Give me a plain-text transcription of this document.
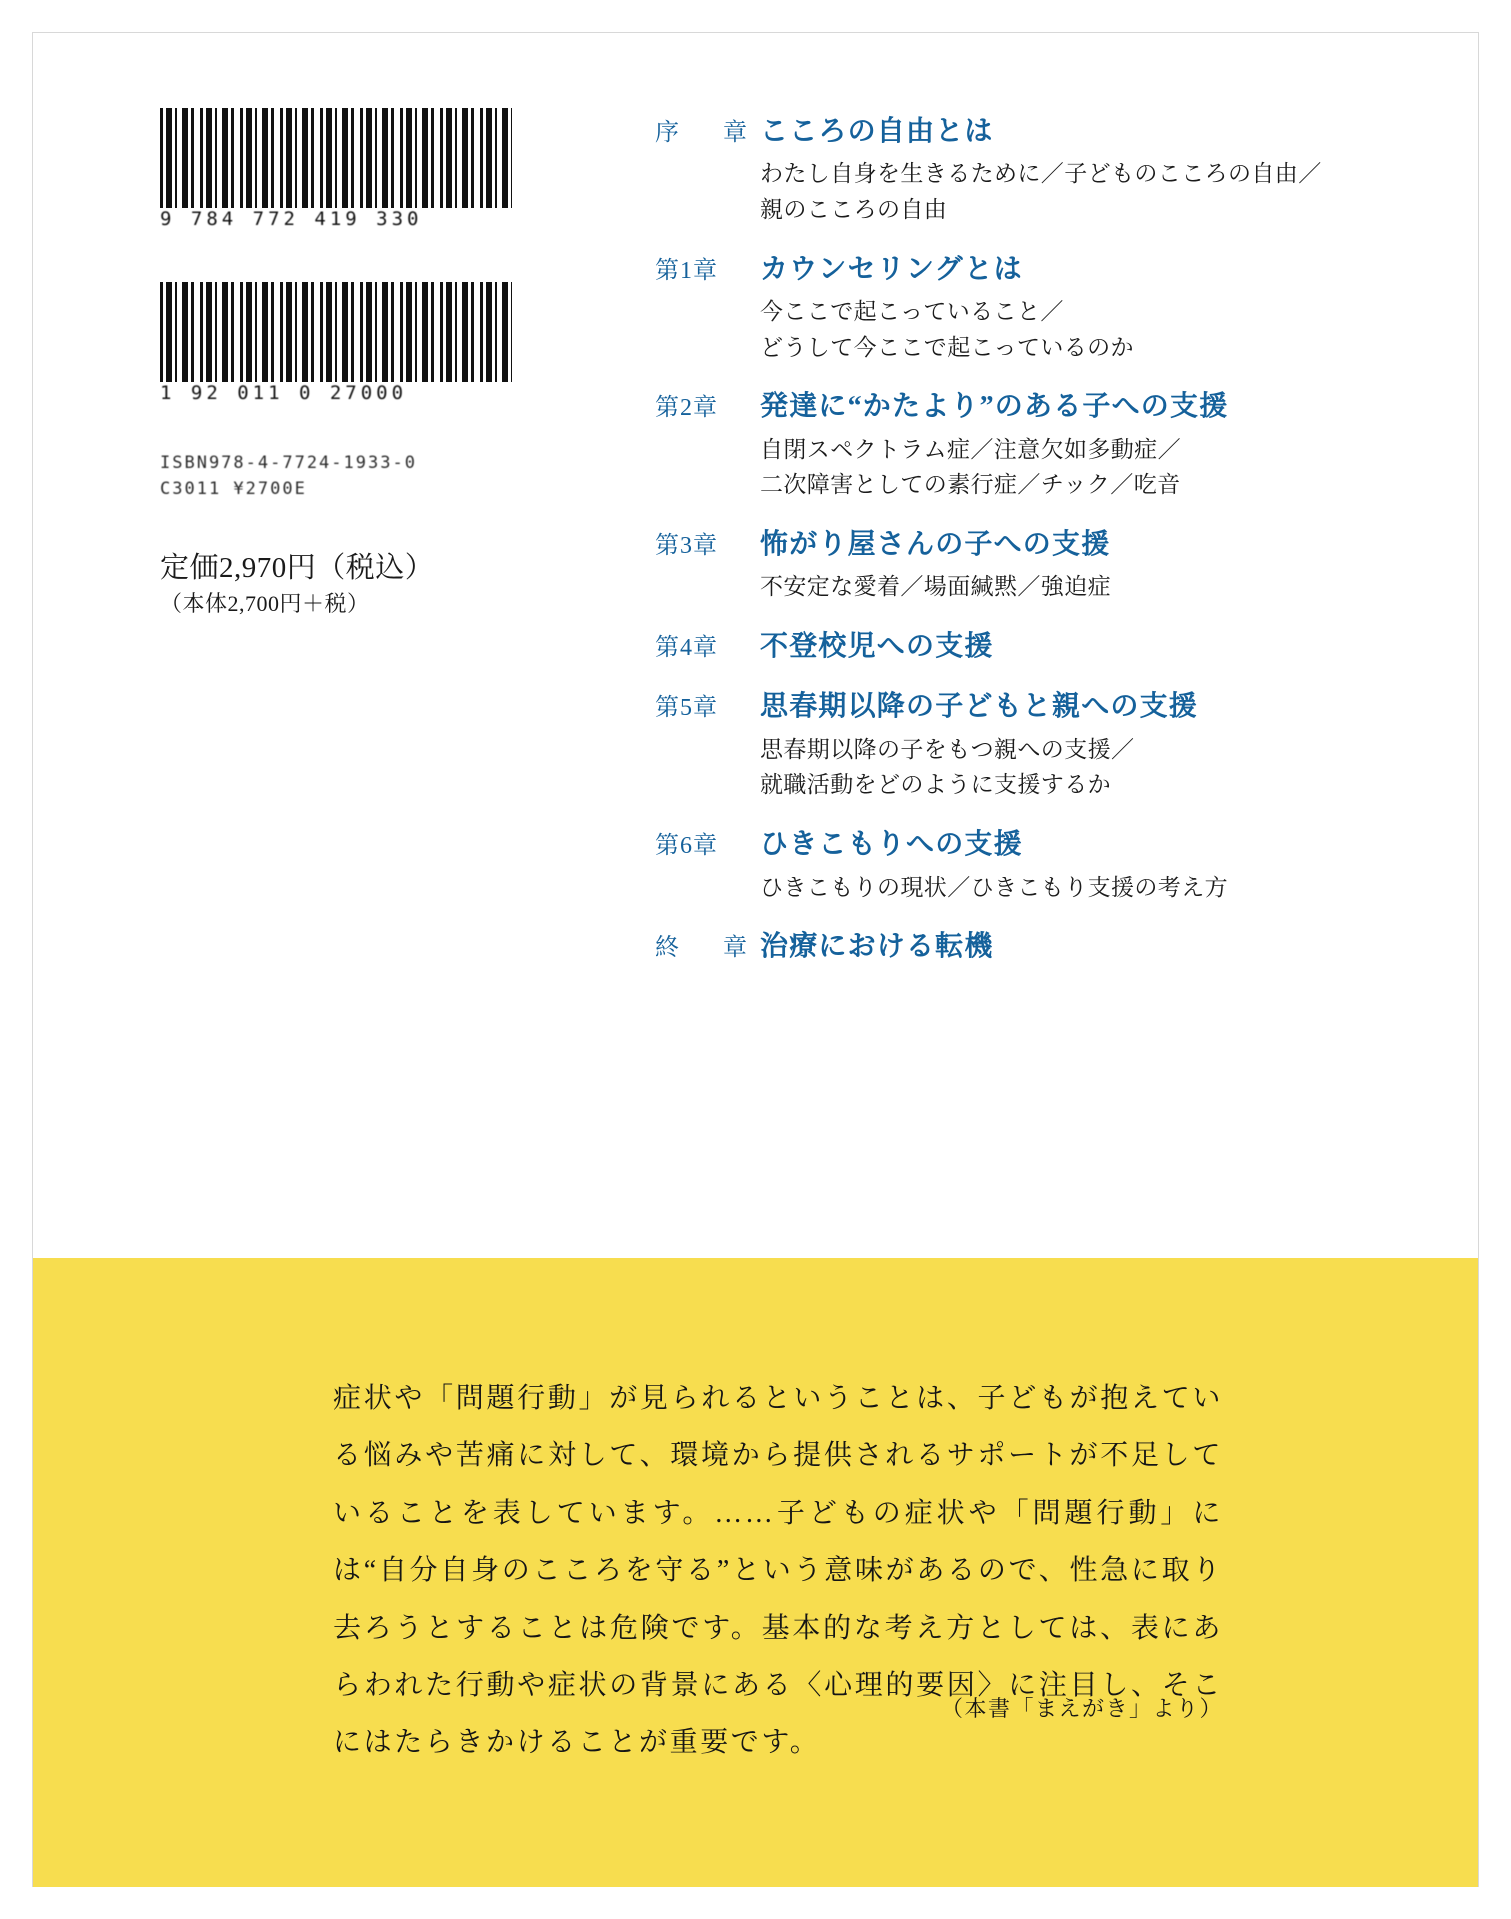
9 784 772 419 330
1 92 011 0 27000
ISBN978-4-7724-1933-0
C3011 ¥2700E
定価2,970円（税込）
（本体2,700円＋税）
序　章 こころの自由とは
わたし自身を生きるために／子どものこころの自由／
親のこころの自由
第1章	カウンセリングとは
今ここで起こっていること／
どうして今ここで起こっているのか
第2章	発達に“かたより”のある子への支援
自閉スペクトラム症／注意欠如多動症／
二次障害としての素行症／チック／吃音
第3章	怖がり屋さんの子への支援
不安定な愛着／場面緘黙／強迫症
第4章	不登校児への支援
第5章	思春期以降の子どもと親への支援
思春期以降の子をもつ親への支援／
就職活動をどのように支援するか
第6章	ひきこもりへの支援
ひきこもりの現状／ひきこもり支援の考え方
終　章 治療における転機
症状や「問題行動」が見られるということは、子どもが抱えている悩みや苦痛に対して、環境から提供されるサポートが不足していることを表しています。……子どもの症状や「問題行動」には“自分自身のこころを守る”という意味があるので、性急に取り去ろうとすることは危険です。基本的な考え方としては、表にあらわれた行動や症状の背景にある〈心理的要因〉に注目し、そこにはたらきかけることが重要です。
（本書「まえがき」より）
